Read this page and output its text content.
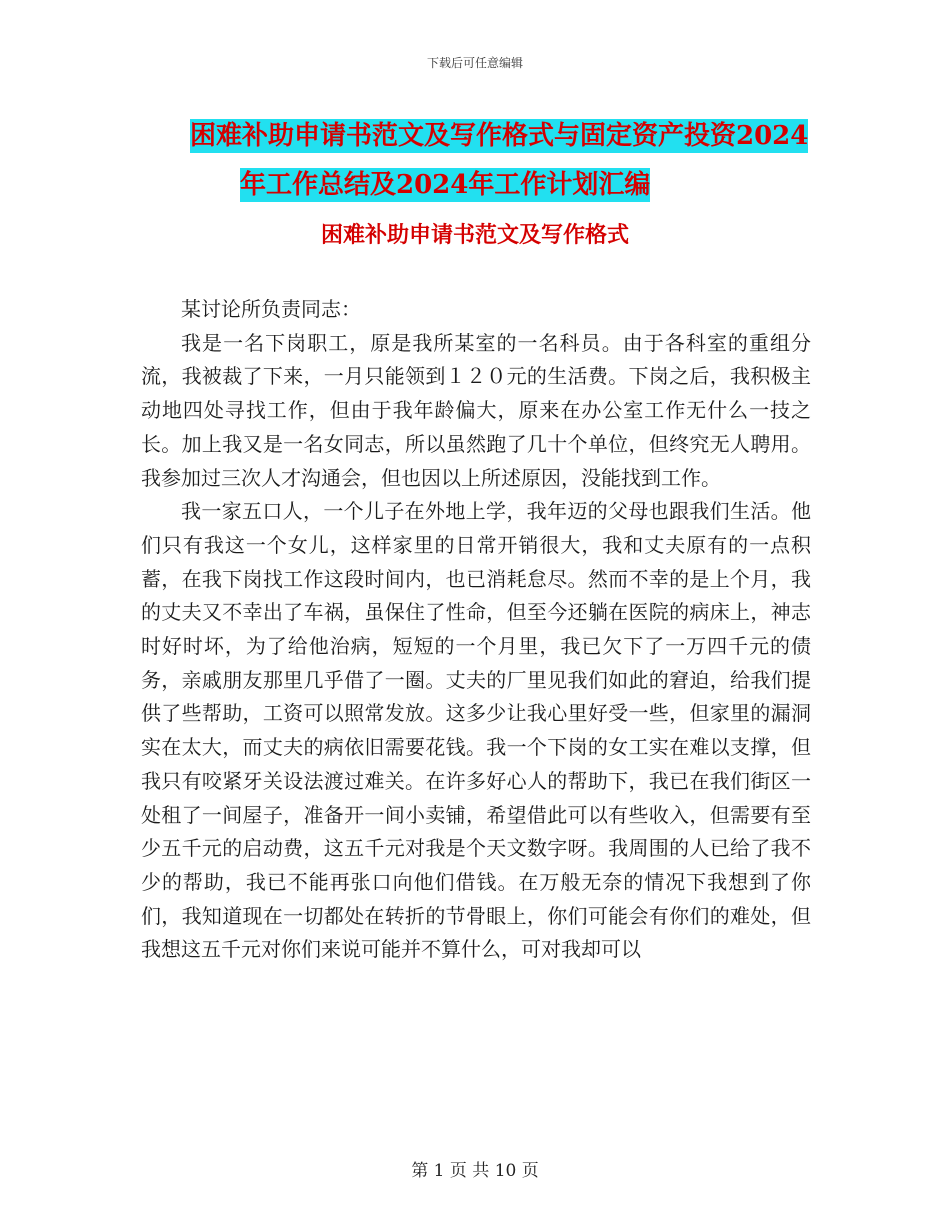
下载后可任意编辑
困难补助申请书范文及写作格式与固定资产投资2024
年工作总结及2024年工作计划汇编
困难补助申请书范文及写作格式

某讨论所负责同志：

我是一名下岗职工，原是我所某室的一名科员。由于各科室的重组分流，我被裁了下来，一月只能领到１２０元的生活费。下岗之后，我积极主动地四处寻找工作，但由于我年龄偏大，原来在办公室工作无什么一技之长。加上我又是一名女同志，所以虽然跑了几十个单位，但终究无人聘用。我参加过三次人才沟通会，但也因以上所述原因，没能找到工作。

我一家五口人，一个儿子在外地上学，我年迈的父母也跟我们生活。他们只有我这一个女儿，这样家里的日常开销很大，我和丈夫原有的一点积蓄，在我下岗找工作这段时间内，也已消耗怠尽。然而不幸的是上个月，我的丈夫又不幸出了车祸，虽保住了性命，但至今还躺在医院的病床上，神志时好时坏，为了给他治病，短短的一个月里，我已欠下了一万四千元的债务，亲戚朋友那里几乎借了一圈。丈夫的厂里见我们如此的窘迫，给我们提供了些帮助，工资可以照常发放。这多少让我心里好受一些，但家里的漏洞实在太大，而丈夫的病依旧需要花钱。我一个下岗的女工实在难以支撑，但我只有咬紧牙关设法渡过难关。在许多好心人的帮助下，我已在我们街区一处租了一间屋子，准备开一间小卖铺，希望借此可以有些收入，但需要有至少五千元的启动费，这五千元对我是个天文数字呀。我周围的人已给了我不少的帮助，我已不能再张口向他们借钱。在万般无奈的情况下我想到了你们，我知道现在一切都处在转折的节骨眼上，你们可能会有你们的难处，但我想这五千元对你们来说可能并不算什么，可对我却可以

第 1 页 共 10 页
